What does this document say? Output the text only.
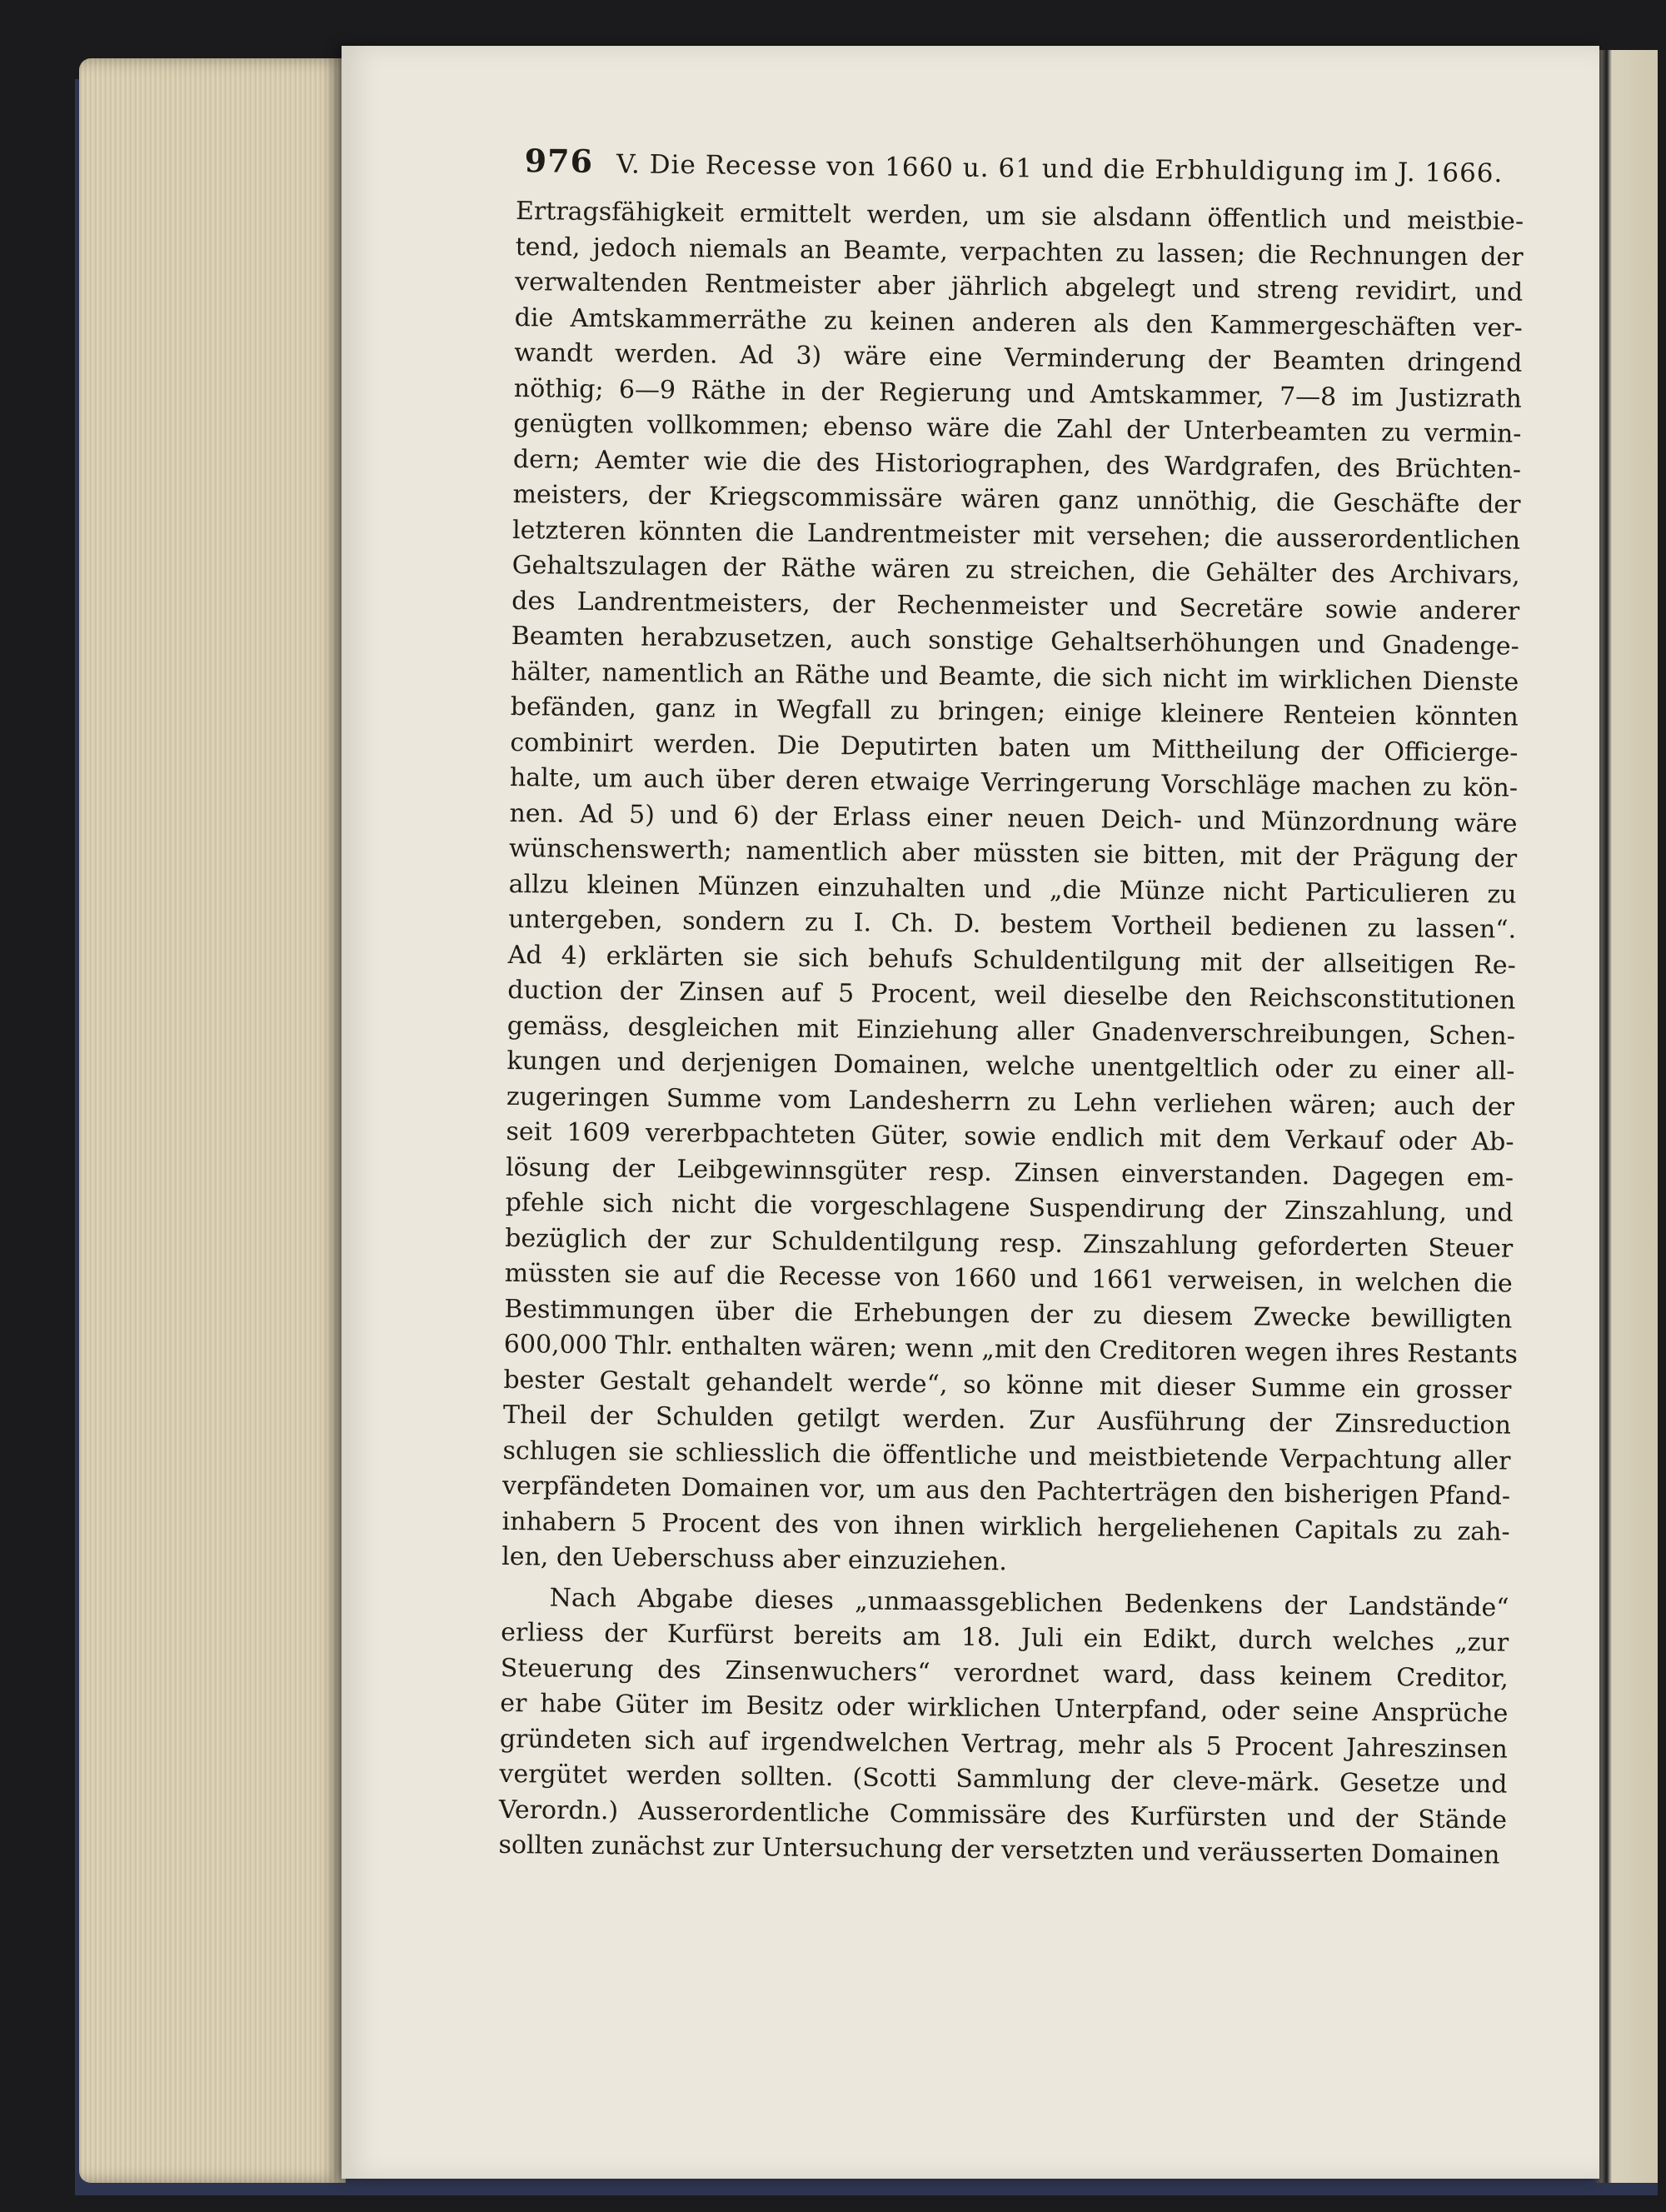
976 V. Die Recesse von 1660 u. 61 und die Erbhuldigung im J. 1666.
Ertragsfähigkeit ermittelt werden, um sie alsdann öffentlich und meistbie-
tend, jedoch niemals an Beamte, verpachten zu lassen; die Rechnungen der
verwaltenden Rentmeister aber jährlich abgelegt und streng revidirt, und
die Amtskammerräthe zu keinen anderen als den Kammergeschäften ver-
wandt werden. Ad 3) wäre eine Verminderung der Beamten dringend
nöthig; 6—9 Räthe in der Regierung und Amtskammer, 7—8 im Justizrath
genügten vollkommen; ebenso wäre die Zahl der Unterbeamten zu vermin-
dern; Aemter wie die des Historiographen, des Wardgrafen, des Brüchten-
meisters, der Kriegscommissäre wären ganz unnöthig, die Geschäfte der
letzteren könnten die Landrentmeister mit versehen; die ausserordentlichen
Gehaltszulagen der Räthe wären zu streichen, die Gehälter des Archivars,
des Landrentmeisters, der Rechenmeister und Secretäre sowie anderer
Beamten herabzusetzen, auch sonstige Gehaltserhöhungen und Gnadenge-
hälter, namentlich an Räthe und Beamte, die sich nicht im wirklichen Dienste
befänden, ganz in Wegfall zu bringen; einige kleinere Renteien könnten
combinirt werden. Die Deputirten baten um Mittheilung der Officierge-
halte, um auch über deren etwaige Verringerung Vorschläge machen zu kön-
nen. Ad 5) und 6) der Erlass einer neuen Deich- und Münzordnung wäre
wünschenswerth; namentlich aber müssten sie bitten, mit der Prägung der
allzu kleinen Münzen einzuhalten und „die Münze nicht Particulieren zu
untergeben, sondern zu I. Ch. D. bestem Vortheil bedienen zu lassen“.
Ad 4) erklärten sie sich behufs Schuldentilgung mit der allseitigen Re-
duction der Zinsen auf 5 Procent, weil dieselbe den Reichsconstitutionen
gemäss, desgleichen mit Einziehung aller Gnadenverschreibungen, Schen-
kungen und derjenigen Domainen, welche unentgeltlich oder zu einer all-
zugeringen Summe vom Landesherrn zu Lehn verliehen wären; auch der
seit 1609 vererbpachteten Güter, sowie endlich mit dem Verkauf oder Ab-
lösung der Leibgewinnsgüter resp. Zinsen einverstanden. Dagegen em-
pfehle sich nicht die vorgeschlagene Suspendirung der Zinszahlung, und
bezüglich der zur Schuldentilgung resp. Zinszahlung geforderten Steuer
müssten sie auf die Recesse von 1660 und 1661 verweisen, in welchen die
Bestimmungen über die Erhebungen der zu diesem Zwecke bewilligten
600,000 Thlr. enthalten wären; wenn „mit den Creditoren wegen ihres Restants
bester Gestalt gehandelt werde“, so könne mit dieser Summe ein grosser
Theil der Schulden getilgt werden. Zur Ausführung der Zinsreduction
schlugen sie schliesslich die öffentliche und meistbietende Verpachtung aller
verpfändeten Domainen vor, um aus den Pachterträgen den bisherigen Pfand-
inhabern 5 Procent des von ihnen wirklich hergeliehenen Capitals zu zah-
len, den Ueberschuss aber einzuziehen.
Nach Abgabe dieses „unmaassgeblichen Bedenkens der Landstände“
erliess der Kurfürst bereits am 18. Juli ein Edikt, durch welches „zur
Steuerung des Zinsenwuchers“ verordnet ward, dass keinem Creditor,
er habe Güter im Besitz oder wirklichen Unterpfand, oder seine Ansprüche
gründeten sich auf irgendwelchen Vertrag, mehr als 5 Procent Jahreszinsen
vergütet werden sollten. (Scotti Sammlung der cleve-märk. Gesetze und
Verordn.) Ausserordentliche Commissäre des Kurfürsten und der Stände
sollten zunächst zur Untersuchung der versetzten und veräusserten Domainen
